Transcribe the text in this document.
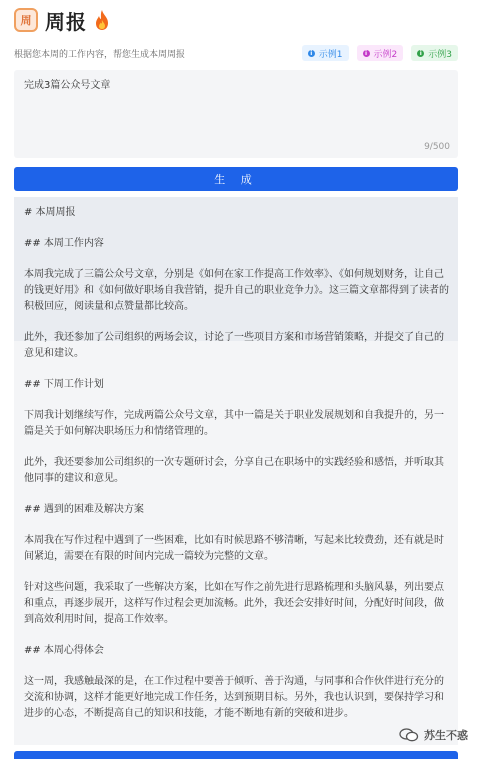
周 周报
根据您本周的工作内容，帮您生成本周周报	i 示例1	i 示例2	i 示例3
完成3篇公众号文章
9/500
生 成

# 本周周报

## 本周工作内容

本周我完成了三篇公众号文章，分别是《如何在家工作提高工作效率》、《如何规划财务，让自己的钱更好用》和《如何做好职场自我营销，提升自己的职业竞争力》。这三篇文章都得到了读者的积极回应，阅读量和点赞量都比较高。

此外，我还参加了公司组织的两场会议，讨论了一些项目方案和市场营销策略，并提交了自己的意见和建议。

## 下周工作计划

下周我计划继续写作，完成两篇公众号文章，其中一篇是关于职业发展规划和自我提升的，另一篇是关于如何解决职场压力和情绪管理的。

此外，我还要参加公司组织的一次专题研讨会，分享自己在职场中的实践经验和感悟，并听取其他同事的建议和意见。

## 遇到的困难及解决方案

本周我在写作过程中遇到了一些困难，比如有时候思路不够清晰，写起来比较费劲，还有就是时间紧迫，需要在有限的时间内完成一篇较为完整的文章。

针对这些问题，我采取了一些解决方案，比如在写作之前先进行思路梳理和头脑风暴，列出要点和重点，再逐步展开，这样写作过程会更加流畅。此外，我还会安排好时间，分配好时间段，做到高效利用时间，提高工作效率。

## 本周心得体会

这一周，我感触最深的是，在工作过程中要善于倾听、善于沟通，与同事和合作伙伴进行充分的交流和协调，这样才能更好地完成工作任务，达到预期目标。另外，我也认识到，要保持学习和进步的心态，不断提高自己的知识和技能，才能不断地有新的突破和进步。

苏生不惑
